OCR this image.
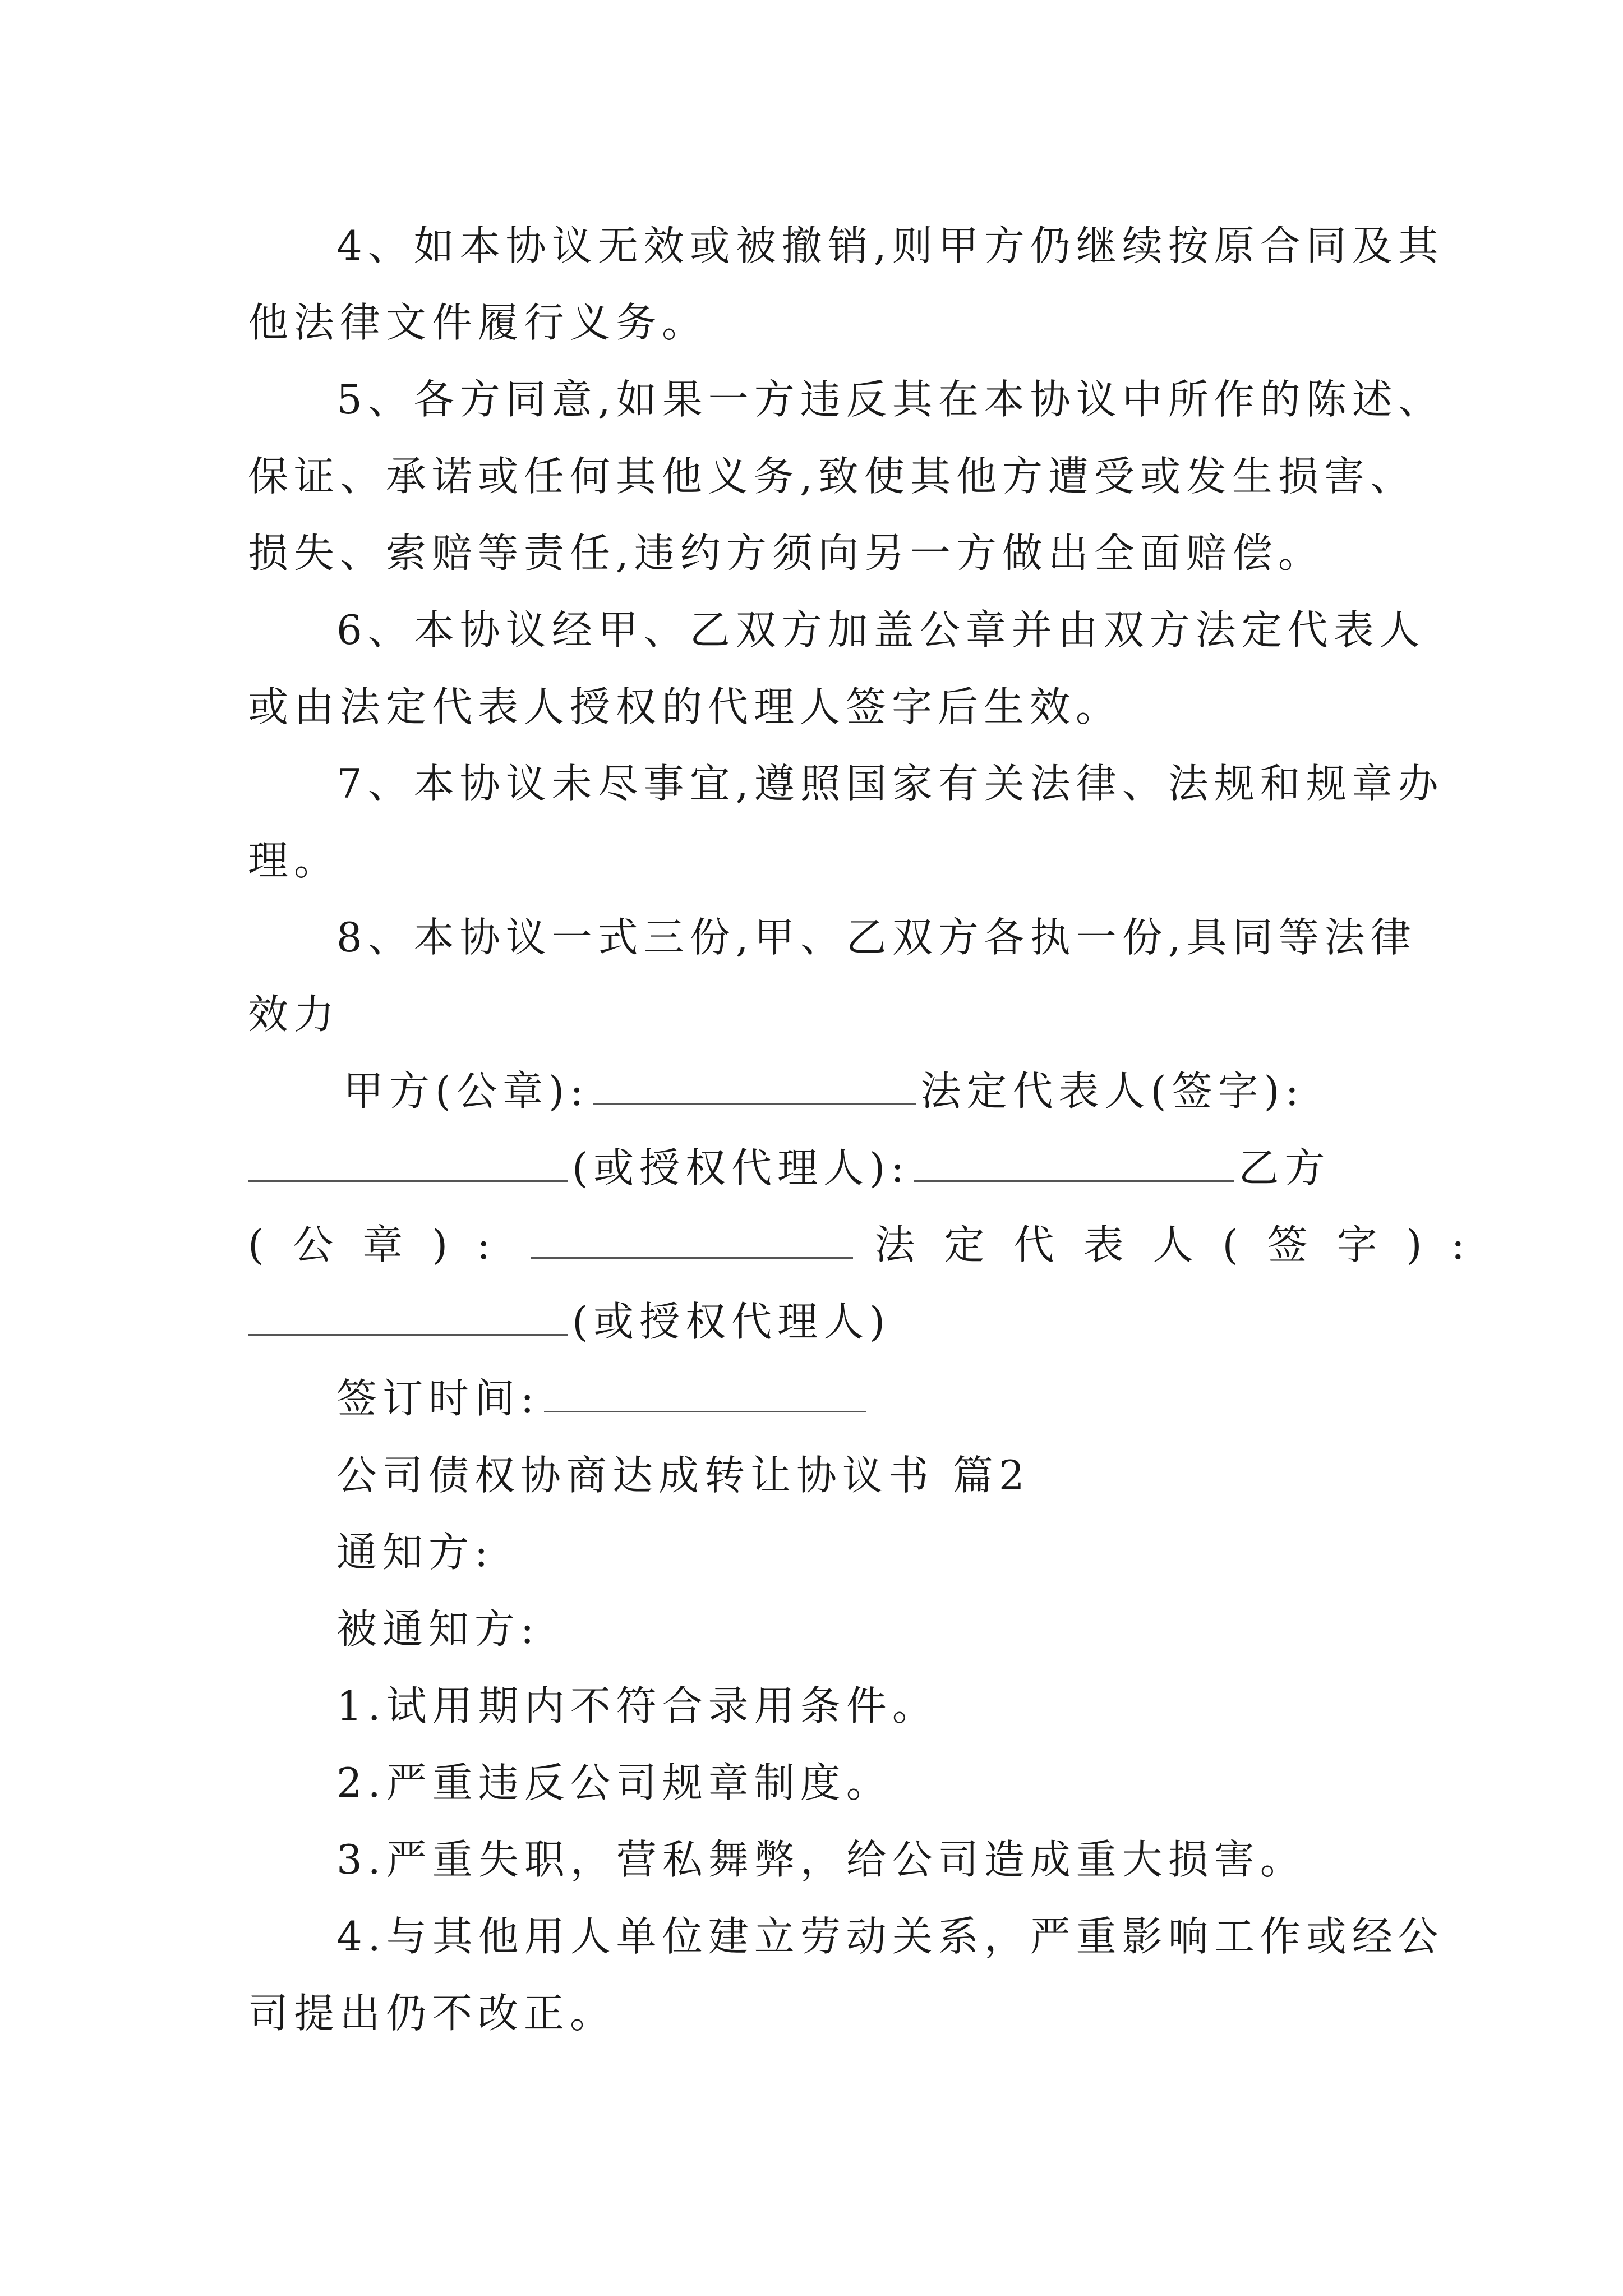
4、如本协议无效或被撤销,则甲方仍继续按原合同及其
他法律文件履行义务。
5、各方同意,如果一方违反其在本协议中所作的陈述、
保证、承诺或任何其他义务,致使其他方遭受或发生损害、
损失、索赔等责任,违约方须向另一方做出全面赔偿。
6、本协议经甲、乙双方加盖公章并由双方法定代表人
或由法定代表人授权的代理人签字后生效。
7、本协议未尽事宜,遵照国家有关法律、法规和规章办
理。
8、本协议一式三份,甲、乙双方各执一份,具同等法律
效力
甲方(公章):	法定代表人(签字):
(或授权代理人):	乙方
(公章):	法定代表人(签字):
(或授权代理人)
签订时间:
公司债权协商达成转让协议书 篇2
通知方:
被通知方:
1.试用期内不符合录用条件。
2.严重违反公司规章制度。
3.严重失职，营私舞弊，给公司造成重大损害。
4.与其他用人单位建立劳动关系，严重影响工作或经公
司提出仍不改正。
